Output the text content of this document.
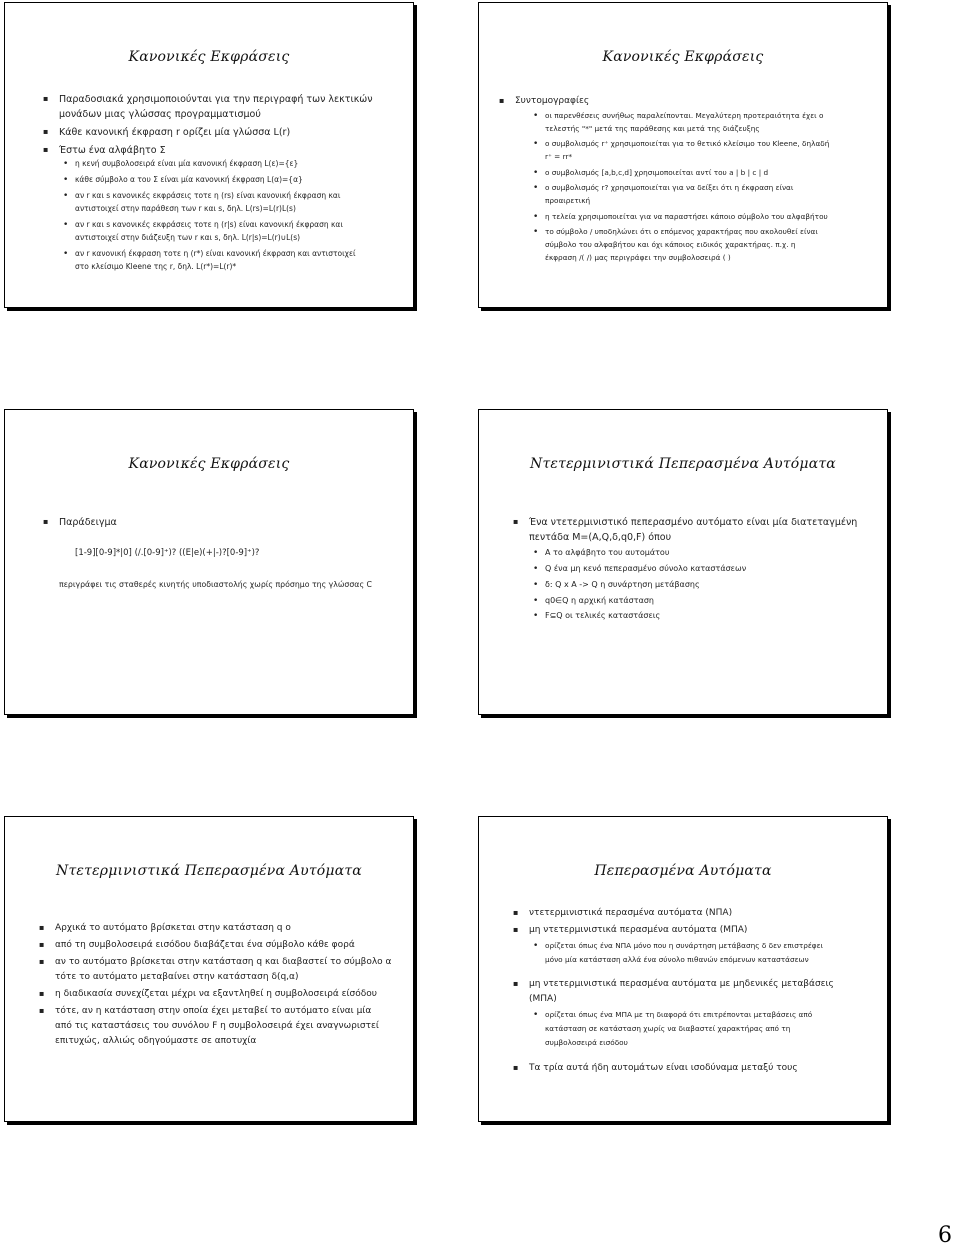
Κανονικές Εκφράσεις
▪ Παραδοσιακά χρησιμοποιούνται για την περιγραφή των λεκτικών
μονάδων μιας γλώσσας προγραμματισμού
▪ Κάθε κανονική έκφραση r ορίζει μία γλώσσα L(r)
▪ Έστω ένα αλφάβητο Σ
• η κενή συμβολοσειρά είναι μία κανονική έκφραση L(ε)={ε}
• κάθε σύμβολο α του Σ είναι μία κανονική έκφραση L(α)={α}
• αν r και s κανονικές εκφράσεις τοτε η (rs) είναι κανονική έκφραση και
αντιστοιχεί στην παράθεση των r και s, δηλ. L(rs)=L(r)L(s)
• αν r και s κανονικές εκφράσεις τοτε η (r|s) είναι κανονική έκφραση και
αντιστοιχεί στην διάζευξη των r και s, δηλ. L(r|s)=L(r)∪L(s)
• αν r κανονική έκφραση τοτε η (r*) είναι κανονική έκφραση και αντιστοιχεί
στο κλείσιμο Kleene της r, δηλ. L(r*)=L(r)*
Κανονικές Εκφράσεις
▪ Συντομογραφίες
• οι παρενθέσεις συνήθως παραλείπονται. Μεγαλύτερη προτεραιότητα έχει ο
τελεστής "*" μετά της παράθεσης και μετά της διάζευξης
• ο συμβολισμός r⁺ χρησιμοποιείται για το θετικό κλείσιμο του Kleene, δηλαδή
r⁺ = rr*
• ο συμβολισμός [a,b,c,d] χρησιμοποιείται αντί του a | b | c | d
• ο συμβολισμός r? χρησιμοποιείται για να δείξει ότι η έκφραση είναι
προαιρετική
• η τελεία χρησιμοποιείται για να παραστήσει κάποιο σύμβολο του αλφαβήτου
• το σύμβολο / υποδηλώνει ότι ο επόμενος χαρακτήρας που ακολουθεί είναι
σύμβολο του αλφαβήτου και όχι κάποιος ειδικός χαρακτήρας. π.χ. η
έκφραση /( /) μας περιγράφει την συμβολοσειρά ( )
Κανονικές Εκφράσεις
▪ Παράδειγμα
[1-9][0-9]*|0] (/.[0-9]⁺)? ((E|e)(+|-)?[0-9]⁺)?
περιγράφει τις σταθερές κινητής υποδιαστολής χωρίς πρόσημο της γλώσσας C
Ντετερμινιστικά Πεπερασμένα Αυτόματα
▪ Ένα ντετερμινιστικό πεπερασμένο αυτόματο είναι μία διατεταγμένη
πεντάδα M=(A,Q,δ,q0,F) όπου
• A το αλφάβητο του αυτομάτου
• Q ένα μη κενό πεπερασμένο σύνολο καταστάσεων
• δ: Q x A -> Q η συνάρτηση μετάβασης
• q0∈Q η αρχική κατάσταση
• F⊆Q οι τελικές καταστάσεις
Ντετερμινιστικά Πεπερασμένα Αυτόματα
▪ Αρχικά το αυτόματο βρίσκεται στην κατάσταση q o
▪ από τη συμβολοσειρά εισόδου διαβάζεται ένα σύμβολο κάθε φορά
▪ αν το αυτόματο βρίσκεται στην κατάσταση q και διαβαστεί το σύμβολο α
τότε το αυτόματο μεταβαίνει στην κατάσταση δ(q,α)
▪ η διαδικασία συνεχίζεται μέχρι να εξαντληθεί η συμβολοσειρά είσόδου
▪ τότε, αν η κατάσταση στην οποία έχει μεταβεί το αυτόματο είναι μία
από τις καταστάσεις του συνόλου F η συμβολοσειρά έχει αναγνωριστεί
επιτυχώς, αλλιώς οδηγούμαστε σε αποτυχία
Πεπερασμένα Αυτόματα
▪ ντετερμινιστικά περασμένα αυτόματα (ΝΠΑ)
▪ μη ντετερμινιστικά περασμένα αυτόματα (ΜΠΑ)
• ορίζεται όπως ένα ΝΠΑ μόνο που η συνάρτηση μετάβασης δ δεν επιστρέφει
μόνο μία κατάσταση αλλά ένα σύνολο πιθανών επόμενων καταστάσεων
▪ μη ντετερμινιστικά περασμένα αυτόματα με μηδενικές μεταβάσεις
(ΜΠΑ)
• ορίζεται όπως ένα ΜΠΑ με τη διαφορά ότι επιτρέπονται μεταβάσεις από
κατάσταση σε κατάσταση χωρίς να διαβαστεί χαρακτήρας από τη
συμβολοσειρά εισόδου
▪ Τα τρία αυτά ήδη αυτομάτων είναι ισοδύναμα μεταξύ τους
6
